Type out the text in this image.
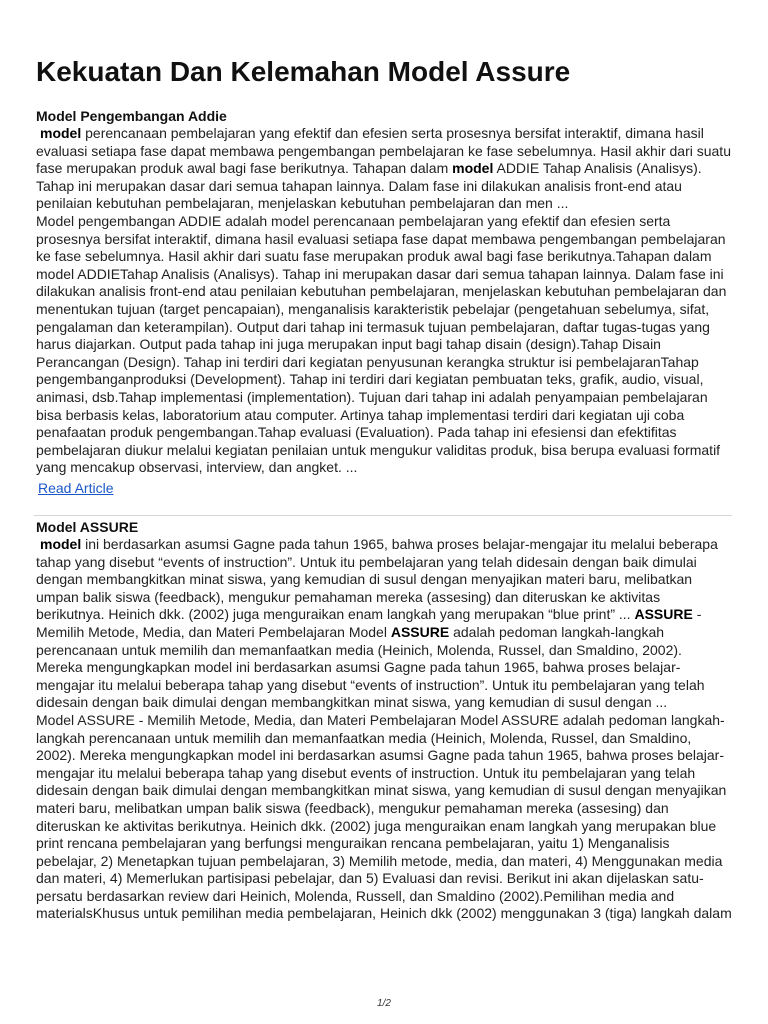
Kekuatan Dan Kelemahan Model Assure
Model Pengembangan Addie

model perencanaan pembelajaran yang efektif dan efesien serta prosesnya bersifat interaktif, dimana hasil evaluasi setiapa fase dapat membawa pengembangan pembelajaran ke fase sebelumnya. Hasil akhir dari suatu fase merupakan produk awal bagi fase berikutnya. Tahapan dalam model ADDIE Tahap Analisis (Analisys). Tahap ini merupakan dasar dari semua tahapan lainnya. Dalam fase ini dilakukan analisis front-end atau penilaian kebutuhan pembelajaran, menjelaskan kebutuhan pembelajaran dan men ...

Model pengembangan ADDIE adalah model perencanaan pembelajaran yang efektif dan efesien serta prosesnya bersifat interaktif, dimana hasil evaluasi setiapa fase dapat membawa pengembangan pembelajaran ke fase sebelumnya. Hasil akhir dari suatu fase merupakan produk awal bagi fase berikutnya.Tahapan dalam model ADDIETahap Analisis (Analisys). Tahap ini merupakan dasar dari semua tahapan lainnya. Dalam fase ini dilakukan analisis front-end atau penilaian kebutuhan pembelajaran, menjelaskan kebutuhan pembelajaran dan menentukan tujuan (target pencapaian), menganalisis karakteristik pebelajar (pengetahuan sebelumya, sifat, pengalaman dan keterampilan). Output dari tahap ini termasuk tujuan pembelajaran, daftar tugas-tugas yang harus diajarkan. Output pada tahap ini juga merupakan input bagi tahap disain (design).Tahap Disain Perancangan (Design). Tahap ini terdiri dari kegiatan penyusunan kerangka struktur isi pembelajaranTahap pengembanganproduksi (Development). Tahap ini terdiri dari kegiatan pembuatan teks, grafik, audio, visual, animasi, dsb.Tahap implementasi (implementation). Tujuan dari tahap ini adalah penyampaian pembelajaran bisa berbasis kelas, laboratorium atau computer. Artinya tahap implementasi terdiri dari kegiatan uji coba penafaatan produk pengembangan.Tahap evaluasi (Evaluation). Pada tahap ini efesiensi dan efektifitas pembelajaran diukur melalui kegiatan penilaian untuk mengukur validitas produk, bisa berupa evaluasi formatif yang mencakup observasi, interview, dan angket. ...

Read Article
Model ASSURE

model ini berdasarkan asumsi Gagne pada tahun 1965, bahwa proses belajar-mengajar itu melalui beberapa tahap yang disebut “events of instruction”. Untuk itu pembelajaran yang telah didesain dengan baik dimulai dengan membangkitkan minat siswa, yang kemudian di susul dengan menyajikan materi baru, melibatkan umpan balik siswa (feedback), mengukur pemahaman mereka (assesing) dan diteruskan ke aktivitas berikutnya. Heinich dkk. (2002) juga menguraikan enam langkah yang merupakan “blue print” ... ASSURE - Memilih Metode, Media, dan Materi Pembelajaran Model ASSURE adalah pedoman langkah-langkah perencanaan untuk memilih dan memanfaatkan media (Heinich, Molenda, Russel, dan Smaldino, 2002). Mereka mengungkapkan model ini berdasarkan asumsi Gagne pada tahun 1965, bahwa proses belajar-mengajar itu melalui beberapa tahap yang disebut “events of instruction”. Untuk itu pembelajaran yang telah didesain dengan baik dimulai dengan membangkitkan minat siswa, yang kemudian di susul dengan ...

Model ASSURE - Memilih Metode, Media, dan Materi Pembelajaran Model ASSURE adalah pedoman langkah-langkah perencanaan untuk memilih dan memanfaatkan media (Heinich, Molenda, Russel, dan Smaldino, 2002). Mereka mengungkapkan model ini berdasarkan asumsi Gagne pada tahun 1965, bahwa proses belajar-mengajar itu melalui beberapa tahap yang disebut events of instruction. Untuk itu pembelajaran yang telah didesain dengan baik dimulai dengan membangkitkan minat siswa, yang kemudian di susul dengan menyajikan materi baru, melibatkan umpan balik siswa (feedback), mengukur pemahaman mereka (assesing) dan diteruskan ke aktivitas berikutnya. Heinich dkk. (2002) juga menguraikan enam langkah yang merupakan blue print rencana pembelajaran yang berfungsi menguraikan rencana pembelajaran, yaitu 1) Menganalisis pebelajar, 2) Menetapkan tujuan pembelajaran, 3) Memilih metode, media, dan materi, 4) Menggunakan media dan materi, 4) Memerlukan partisipasi pebelajar, dan 5) Evaluasi dan revisi. Berikut ini akan dijelaskan satu-persatu berdasarkan review dari Heinich, Molenda, Russell, dan Smaldino (2002).Pemilihan media and materialsKhusus untuk pemilihan media pembelajaran, Heinich dkk (2002) menggunakan 3 (tiga) langkah dalam

1/2
